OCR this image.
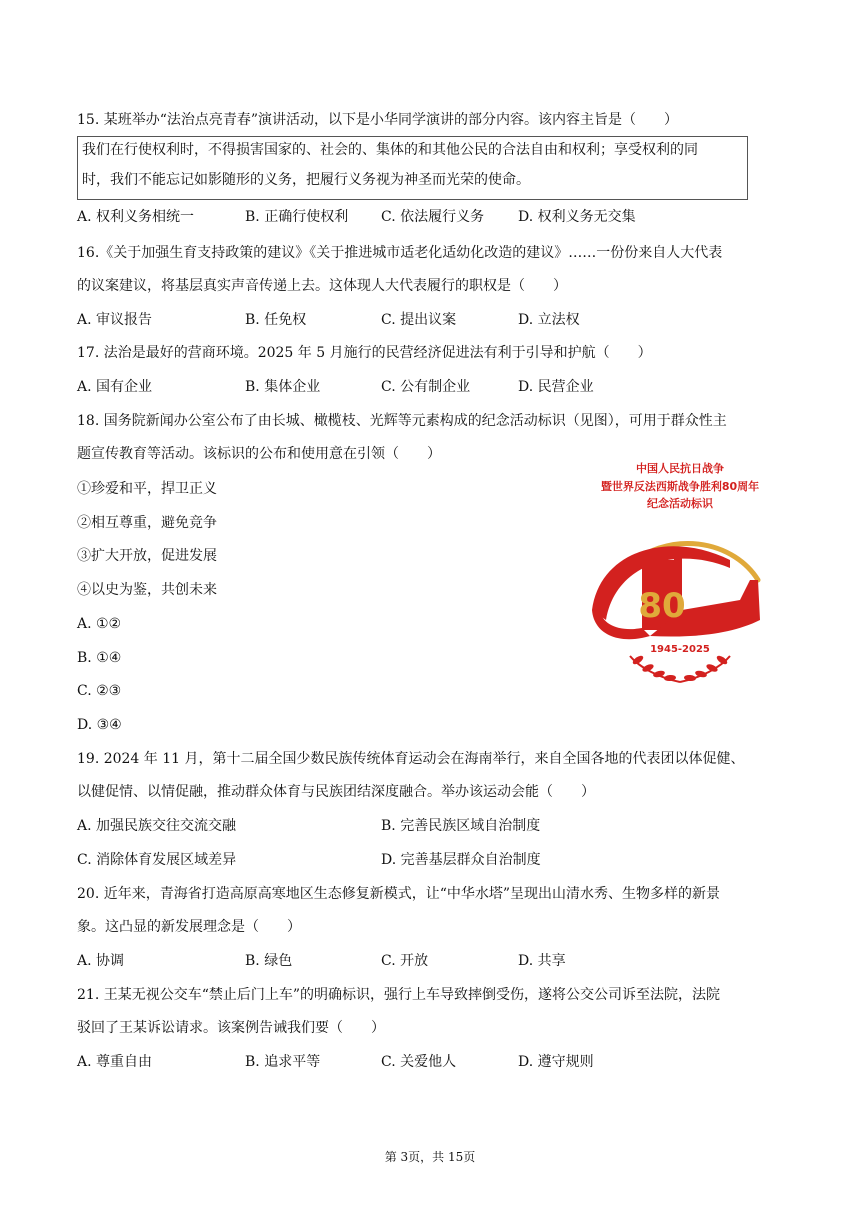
15. 某班举办“法治点亮青春”演讲活动，以下是小华同学演讲的部分内容。该内容主旨是（　　）
我们在行使权利时，不得损害国家的、社会的、集体的和其他公民的合法自由和权利；享受权利的同
时，我们不能忘记如影随形的义务，把履行义务视为神圣而光荣的使命。
A. 权利义务相统一	B. 正确行使权利 C. 依法履行义务 D. 权利义务无交集
16.《关于加强生育支持政策的建议》《关于推进城市适老化适幼化改造的建议》……一份份来自人大代表
的议案建议，将基层真实声音传递上去。这体现人大代表履行的职权是（　　）
A. 审议报告	B. 任免权	C. 提出议案	D. 立法权
17. 法治是最好的营商环境。2025 年 5 月施行的民营经济促进法有利于引导和护航（　　）
A. 国有企业	B. 集体企业	C. 公有制企业	D. 民营企业
18. 国务院新闻办公室公布了由长城、橄榄枝、光辉等元素构成的纪念活动标识（见图），可用于群众性主
题宣传教育等活动。该标识的公布和使用意在引领（　　）
①珍爱和平，捍卫正义
②相互尊重，避免竞争
③扩大开放，促进发展
④以史为鉴，共创未来
A. ①②
B. ①④
C. ②③
D. ③④
中国人民抗日战争
暨世界反法西斯战争胜利80周年
纪念活动标识
80
1945-2025
19. 2024 年 11 月，第十二届全国少数民族传统体育运动会在海南举行，来自全国各地的代表团以体促健、
以健促情、以情促融，推动群众体育与民族团结深度融合。举办该运动会能（　　）
A. 加强民族交往交流交融	B. 完善民族区域自治制度
C. 消除体育发展区域差异	D. 完善基层群众自治制度
20. 近年来，青海省打造高原高寒地区生态修复新模式，让“中华水塔”呈现出山清水秀、生物多样的新景
象。这凸显的新发展理念是（　　）
A. 协调	B. 绿色	C. 开放	D. 共享
21. 王某无视公交车“禁止后门上车”的明确标识，强行上车导致摔倒受伤，遂将公交公司诉至法院，法院
驳回了王某诉讼请求。该案例告诫我们要（　　）
A. 尊重自由	B. 追求平等	C. 关爱他人	D. 遵守规则
第 3页，共 15页
